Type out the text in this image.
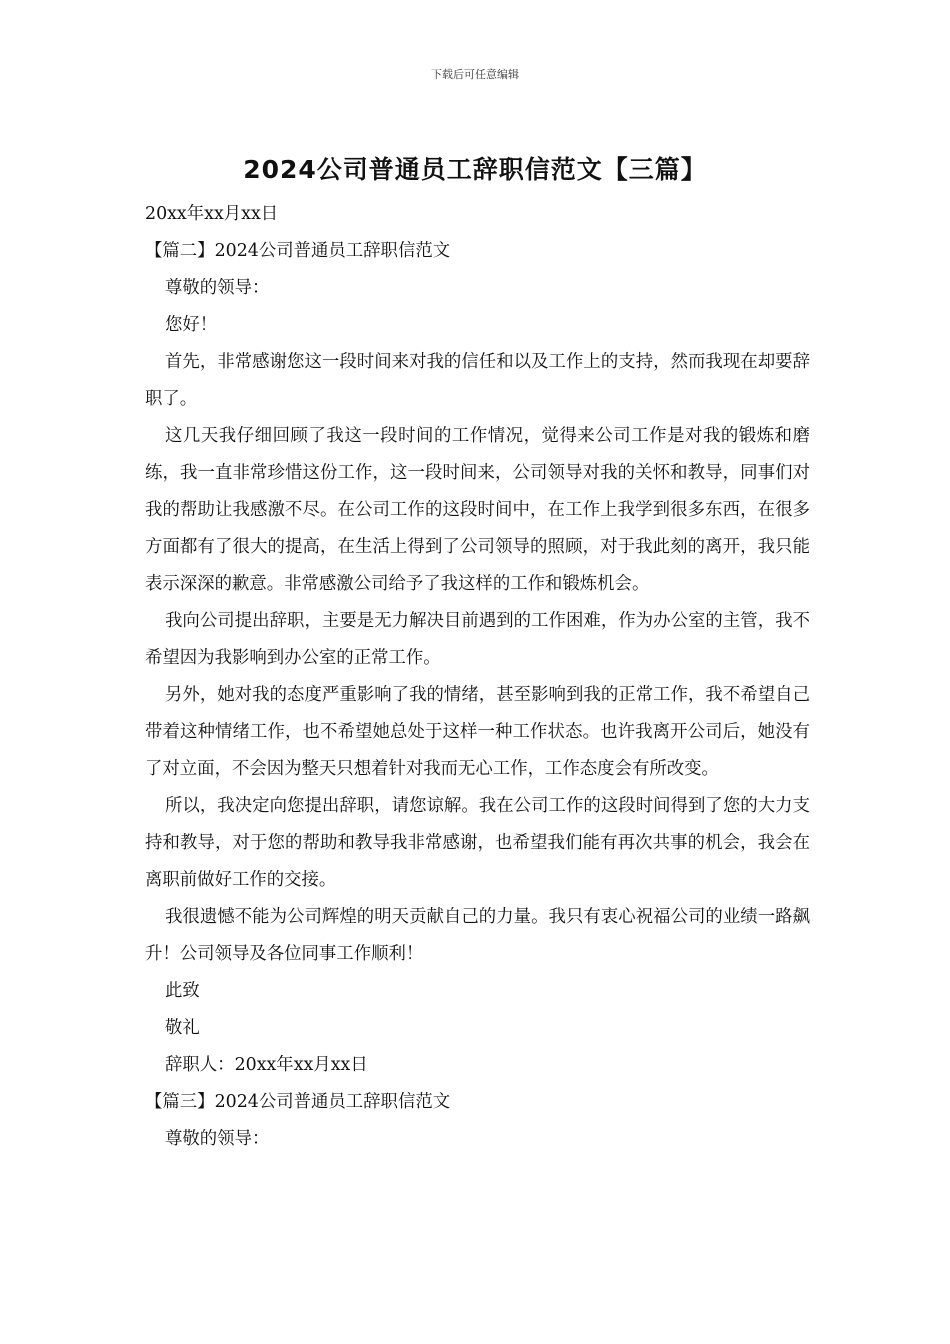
下载后可任意编辑
2024公司普通员工辞职信范文【三篇】

20xx年xx月xx日

【篇二】2024公司普通员工辞职信范文

尊敬的领导：

您好！

首先，非常感谢您这一段时间来对我的信任和以及工作上的支持，然而我现在却要辞职了。

这几天我仔细回顾了我这一段时间的工作情况，觉得来公司工作是对我的锻炼和磨练，我一直非常珍惜这份工作，这一段时间来，公司领导对我的关怀和教导，同事们对我的帮助让我感激不尽。在公司工作的这段时间中，在工作上我学到很多东西，在很多方面都有了很大的提高，在生活上得到了公司领导的照顾，对于我此刻的离开，我只能表示深深的歉意。非常感激公司给予了我这样的工作和锻炼机会。

我向公司提出辞职，主要是无力解决目前遇到的工作困难，作为办公室的主管，我不希望因为我影响到办公室的正常工作。

另外，她对我的态度严重影响了我的情绪，甚至影响到我的正常工作，我不希望自己带着这种情绪工作，也不希望她总处于这样一种工作状态。也许我离开公司后，她没有了对立面，不会因为整天只想着针对我而无心工作，工作态度会有所改变。

所以，我决定向您提出辞职，请您谅解。我在公司工作的这段时间得到了您的大力支持和教导，对于您的帮助和教导我非常感谢，也希望我们能有再次共事的机会，我会在离职前做好工作的交接。

我很遗憾不能为公司辉煌的明天贡献自己的力量。我只有衷心祝福公司的业绩一路飙升！公司领导及各位同事工作顺利！

此致

敬礼

辞职人：20xx年xx月xx日

【篇三】2024公司普通员工辞职信范文

尊敬的领导：
